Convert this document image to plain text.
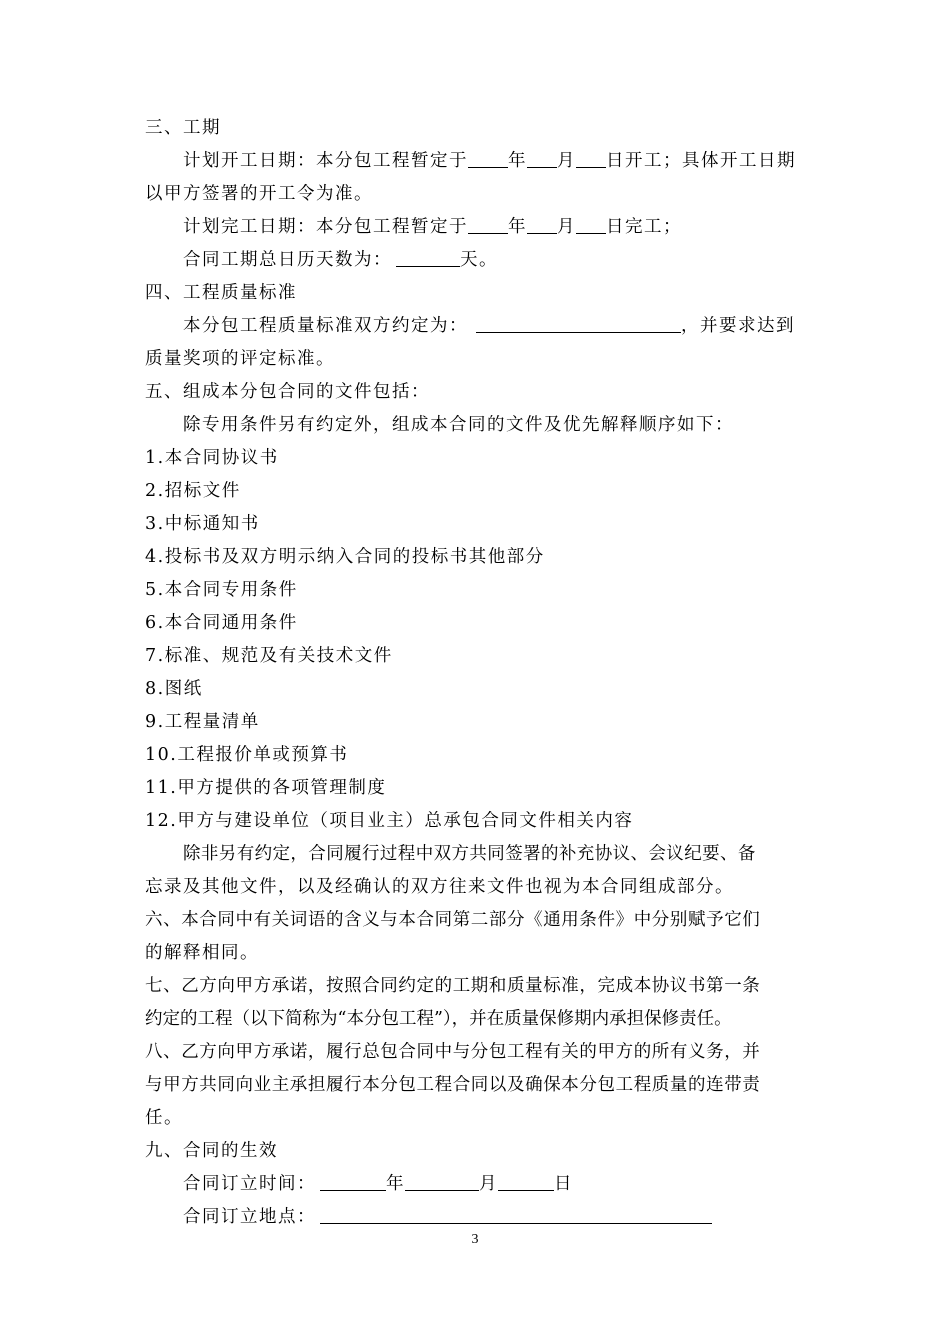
三、工期
计划开工日期：本分包工程暂定于 年 月 日开工；具体开工日期
以甲方签署的开工令为准。
计划完工日期：本分包工程暂定于 年 月 日完工；
合同工期总日历天数为：	天。
四、工程质量标准
本分包工程质量标准双方约定为：	，并要求达到
质量奖项的评定标准。
五、组成本分包合同的文件包括：
除专用条件另有约定外，组成本合同的文件及优先解释顺序如下：
1.本合同协议书
2.招标文件
3.中标通知书
4.投标书及双方明示纳入合同的投标书其他部分
5.本合同专用条件
6.本合同通用条件
7.标准、规范及有关技术文件
8.图纸
9.工程量清单
10.工程报价单或预算书
11.甲方提供的各项管理制度
12.甲方与建设单位（项目业主）总承包合同文件相关内容
除非另有约定，合同履行过程中双方共同签署的补充协议、会议纪要、备
忘录及其他文件，以及经确认的双方往来文件也视为本合同组成部分。
六、本合同中有关词语的含义与本合同第二部分《通用条件》中分别赋予它们
的解释相同。
七、乙方向甲方承诺，按照合同约定的工期和质量标准，完成本协议书第一条
约定的工程（以下简称为“本分包工程”），并在质量保修期内承担保修责任。
八、乙方向甲方承诺，履行总包合同中与分包工程有关的甲方的所有义务，并
与甲方共同向业主承担履行本分包工程合同以及确保本分包工程质量的连带责
任。
九、合同的生效
合同订立时间：	年	月	日
合同订立地点：
3
